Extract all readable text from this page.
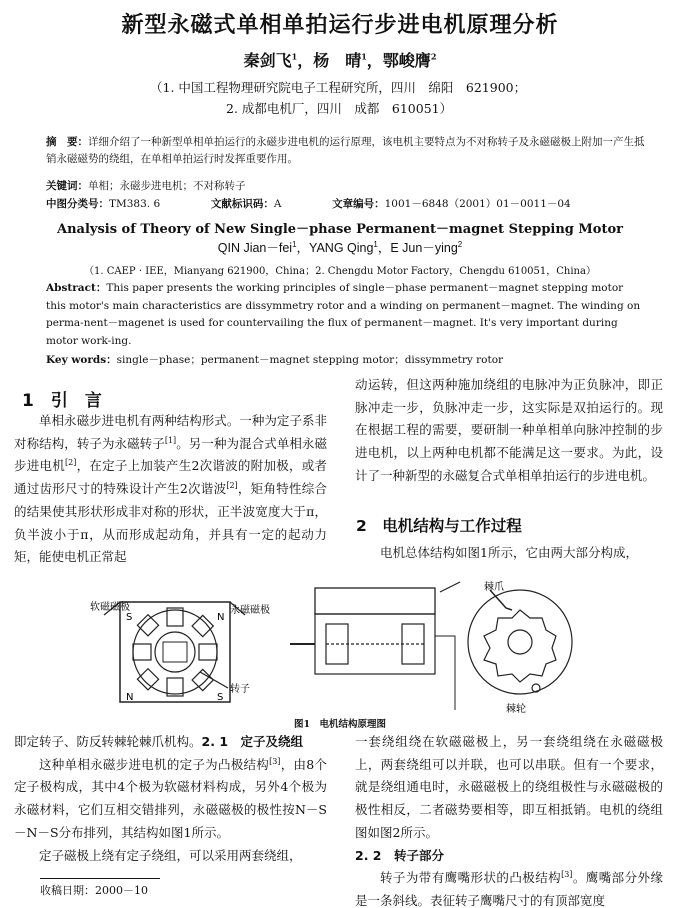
新型永磁式单相单拍运行步进电机原理分析
秦剑飞$^1$，杨　晴$^1$，鄂峻膺$^2$
（1. 中国工程物理研究院电子工程研究所，四川　绵阳　621900；
2. 成都电机厂，四川　成都　610051）
摘　要：详细介绍了一种新型单相单拍运行的永磁步进电机的运行原理，该电机主要特点为不对称转子及永磁磁极上附加一产生抵销永磁磁势的绕组，在单相单拍运行时发挥重要作用。
关键词：单相；永磁步进电机；不对称转子
中图分类号：TM383. 6	文献标识码：A	文章编号：1001－6848（2001）01－0011－04
Analysis of Theory of New Single－phase Permanent－magnet Stepping Motor
QIN Jian－fei$^1$，YANG Qing$^1$，E Jun－ying$^2$
（1. CAEP · IEE，Mianyang 621900，China；2. Chengdu Motor Factory，Chengdu 610051，China）
Abstract：This paper presents the working principles of single－phase permanent－magnet stepping motor this motor's main characteristics are dissymmetry rotor and a winding on permanent－magnet. The winding on perma-nent－magenet is used for countervailing the flux of permanent－magnet. It's very important during motor work-ing.
Key words：single－phase；permanent－magnet stepping motor；dissymmetry rotor
1　引　言

单相永磁步进电机有两种结构形式。一种为定子系非对称结构，转子为永磁转子[1]。另一种为混合式单相永磁步进电机[2]，在定子上加装产生2次谐波的附加极，或者通过齿形尺寸的特殊设计产生2次谐波[2]，矩角特性综合的结果使其形状形成非对称的形状，正半波宽度大于π，负半波小于π，从而形成起动角，并具有一定的起动力矩，能使电机正常起

动运转，但这两种施加绕组的电脉冲为正负脉冲，即正脉冲走一步，负脉冲走一步，这实际是双拍运行的。现在根据工程的需要，要研制一种单相单向脉冲控制的步进电机，以上两种电机都不能满足这一要求。为此，设计了一种新型的永磁复合式单相单拍运行的步进电机。

2　电机结构与工作过程

电机总体结构如图1所示，它由两大部分构成，

S	N
N	S
软磁磁极	永磁磁极
转子
棘爪
棘轮
图1　电机结构原理图

即定转子、防反转棘轮棘爪机构。2. 1　定子及绕组

这种单相永磁步进电机的定子为凸极结构[3]，由8个定子极构成，其中4个极为软磁材料构成，另外4个极为永磁材料，它们互相交错排列，永磁磁极的极性按N－S－N－S分布排列，其结构如图1所示。

定子磁极上绕有定子绕组，可以采用两套绕组，

一套绕组绕在软磁磁极上，另一套绕组绕在永磁磁极上，两套绕组可以并联，也可以串联。但有一个要求，就是绕组通电时，永磁磁极上的绕组极性与永磁磁极的极性相反，二者磁势要相等，即互相抵销。电机的绕组图如图2所示。

2. 2　转子部分

转子为带有鹰嘴形状的凸极结构[3]。鹰嘴部分外缘是一条斜线。表征转子鹰嘴尺寸的有顶部宽度

收稿日期：2000－10
